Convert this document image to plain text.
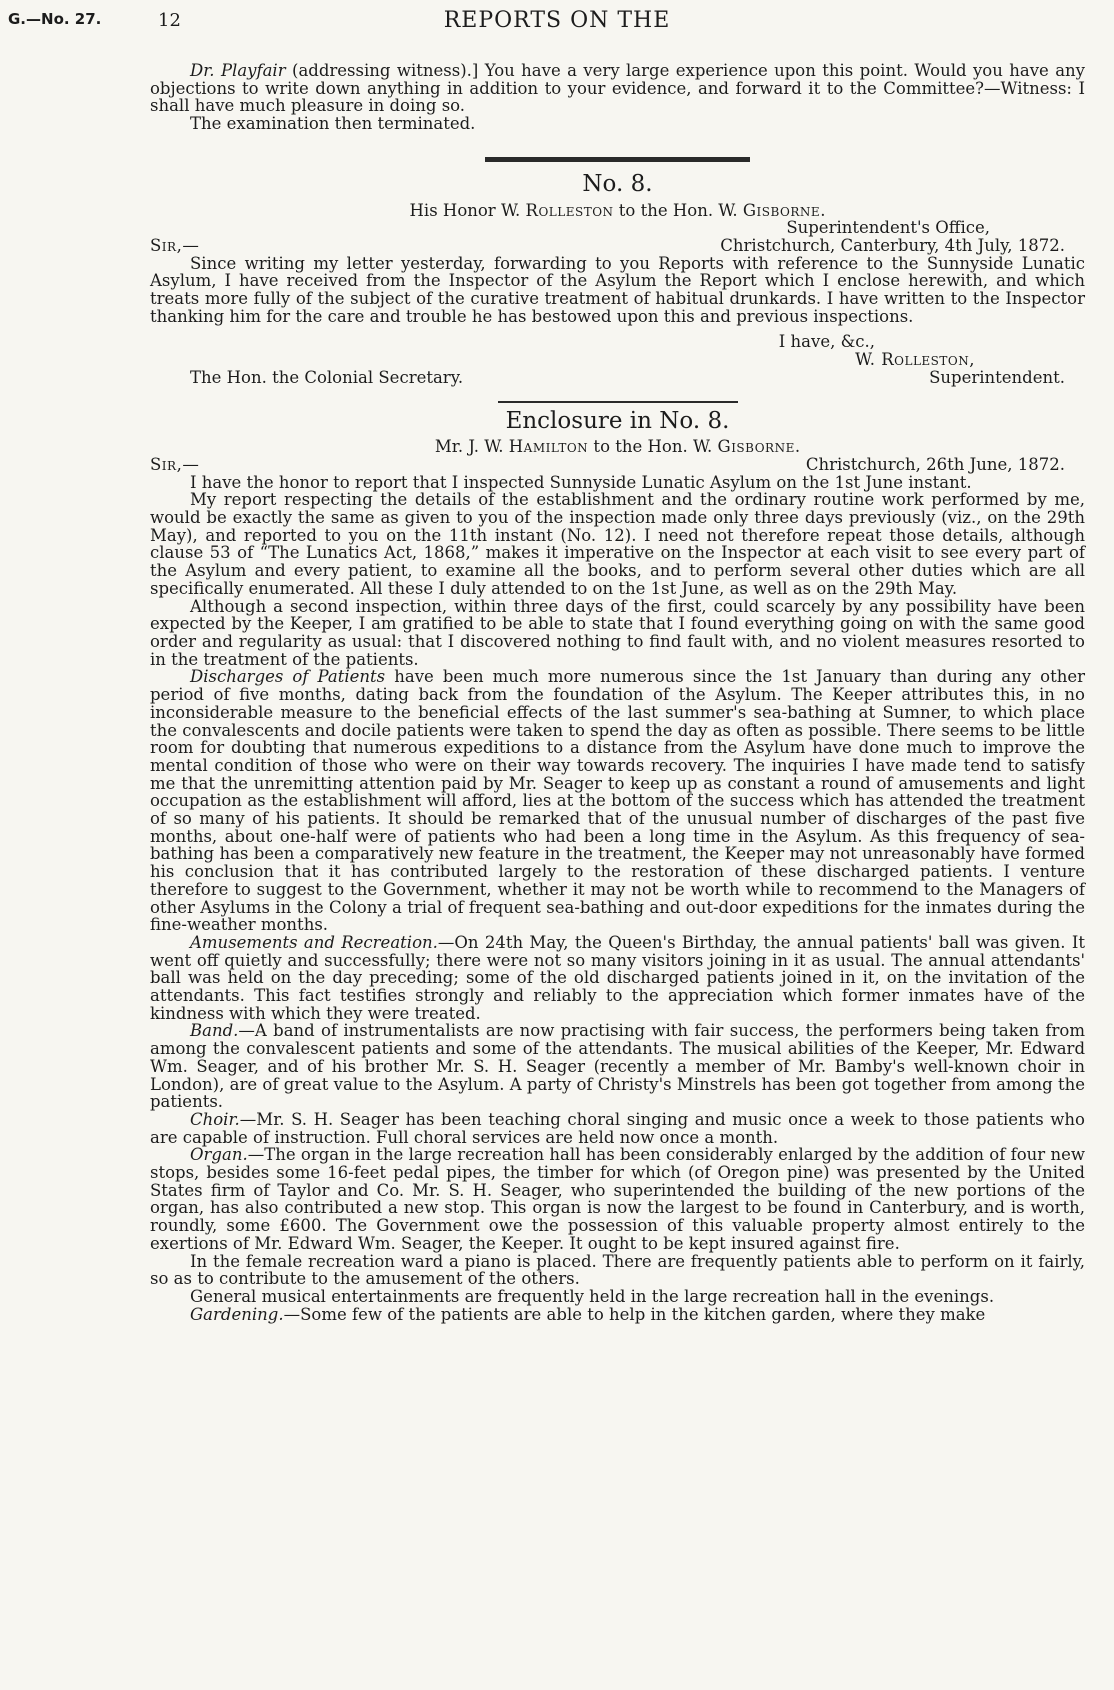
G.—No. 27.	12	REPORTS ON THE

Dr. Playfair (addressing witness).] You have a very large experience upon this point. Would you have any objections to write down anything in addition to your evidence, and forward it to the Committee?—Witness: I shall have much pleasure in doing so.

The examination then terminated.

No. 8.
His Honor W. Rolleston to the Hon. W. Gisborne.
Superintendent's Office,
Sir,—	Christchurch, Canterbury, 4th July, 1872.

Since writing my letter yesterday, forwarding to you Reports with reference to the Sunnyside Lunatic Asylum, I have received from the Inspector of the Asylum the Report which I enclose herewith, and which treats more fully of the subject of the curative treatment of habitual drunkards. I have written to the Inspector thanking him for the care and trouble he has bestowed upon this and previous inspections.

I have, &c.,
W. Rolleston,
The Hon. the Colonial Secretary.	Superintendent.
Enclosure in No. 8.
Mr. J. W. Hamilton to the Hon. W. Gisborne.
Sir,—	Christchurch, 26th June, 1872.

I have the honor to report that I inspected Sunnyside Lunatic Asylum on the 1st June instant.

My report respecting the details of the establishment and the ordinary routine work performed by me, would be exactly the same as given to you of the inspection made only three days previously (viz., on the 29th May), and reported to you on the 11th instant (No. 12). I need not therefore repeat those details, although clause 53 of “The Lunatics Act, 1868,” makes it imperative on the Inspector at each visit to see every part of the Asylum and every patient, to examine all the books, and to perform several other duties which are all specifically enumerated. All these I duly attended to on the 1st June, as well as on the 29th May.

Although a second inspection, within three days of the first, could scarcely by any possibility have been expected by the Keeper, I am gratified to be able to state that I found everything going on with the same good order and regularity as usual: that I discovered nothing to find fault with, and no violent measures resorted to in the treatment of the patients.

Discharges of Patients have been much more numerous since the 1st January than during any other period of five months, dating back from the foundation of the Asylum. The Keeper attributes this, in no inconsiderable measure to the beneficial effects of the last summer's sea-bathing at Sumner, to which place the convalescents and docile patients were taken to spend the day as often as possible. There seems to be little room for doubting that numerous expeditions to a distance from the Asylum have done much to improve the mental condition of those who were on their way towards recovery. The inquiries I have made tend to satisfy me that the unremitting attention paid by Mr. Seager to keep up as constant a round of amusements and light occupation as the establishment will afford, lies at the bottom of the success which has attended the treatment of so many of his patients. It should be remarked that of the unusual number of discharges of the past five months, about one-half were of patients who had been a long time in the Asylum. As this frequency of sea-bathing has been a comparatively new feature in the treatment, the Keeper may not unreasonably have formed his conclusion that it has contributed largely to the restoration of these discharged patients. I venture therefore to suggest to the Government, whether it may not be worth while to recommend to the Managers of other Asylums in the Colony a trial of frequent sea-bathing and out-door expeditions for the inmates during the fine-weather months.

Amusements and Recreation.—On 24th May, the Queen's Birthday, the annual patients' ball was given. It went off quietly and successfully; there were not so many visitors joining in it as usual. The annual attendants' ball was held on the day preceding; some of the old discharged patients joined in it, on the invitation of the attendants. This fact testifies strongly and reliably to the appreciation which former inmates have of the kindness with which they were treated.

Band.—A band of instrumentalists are now practising with fair success, the performers being taken from among the convalescent patients and some of the attendants. The musical abilities of the Keeper, Mr. Edward Wm. Seager, and of his brother Mr. S. H. Seager (recently a member of Mr. Bamby's well-known choir in London), are of great value to the Asylum. A party of Christy's Minstrels has been got together from among the patients.

Choir.—Mr. S. H. Seager has been teaching choral singing and music once a week to those patients who are capable of instruction. Full choral services are held now once a month.

Organ.—The organ in the large recreation hall has been considerably enlarged by the addition of four new stops, besides some 16-feet pedal pipes, the timber for which (of Oregon pine) was presented by the United States firm of Taylor and Co. Mr. S. H. Seager, who superintended the building of the new portions of the organ, has also contributed a new stop. This organ is now the largest to be found in Canterbury, and is worth, roundly, some £600. The Government owe the possession of this valuable property almost entirely to the exertions of Mr. Edward Wm. Seager, the Keeper. It ought to be kept insured against fire.

In the female recreation ward a piano is placed. There are frequently patients able to perform on it fairly, so as to contribute to the amusement of the others.

General musical entertainments are frequently held in the large recreation hall in the evenings.

Gardening.—Some few of the patients are able to help in the kitchen garden, where they make
